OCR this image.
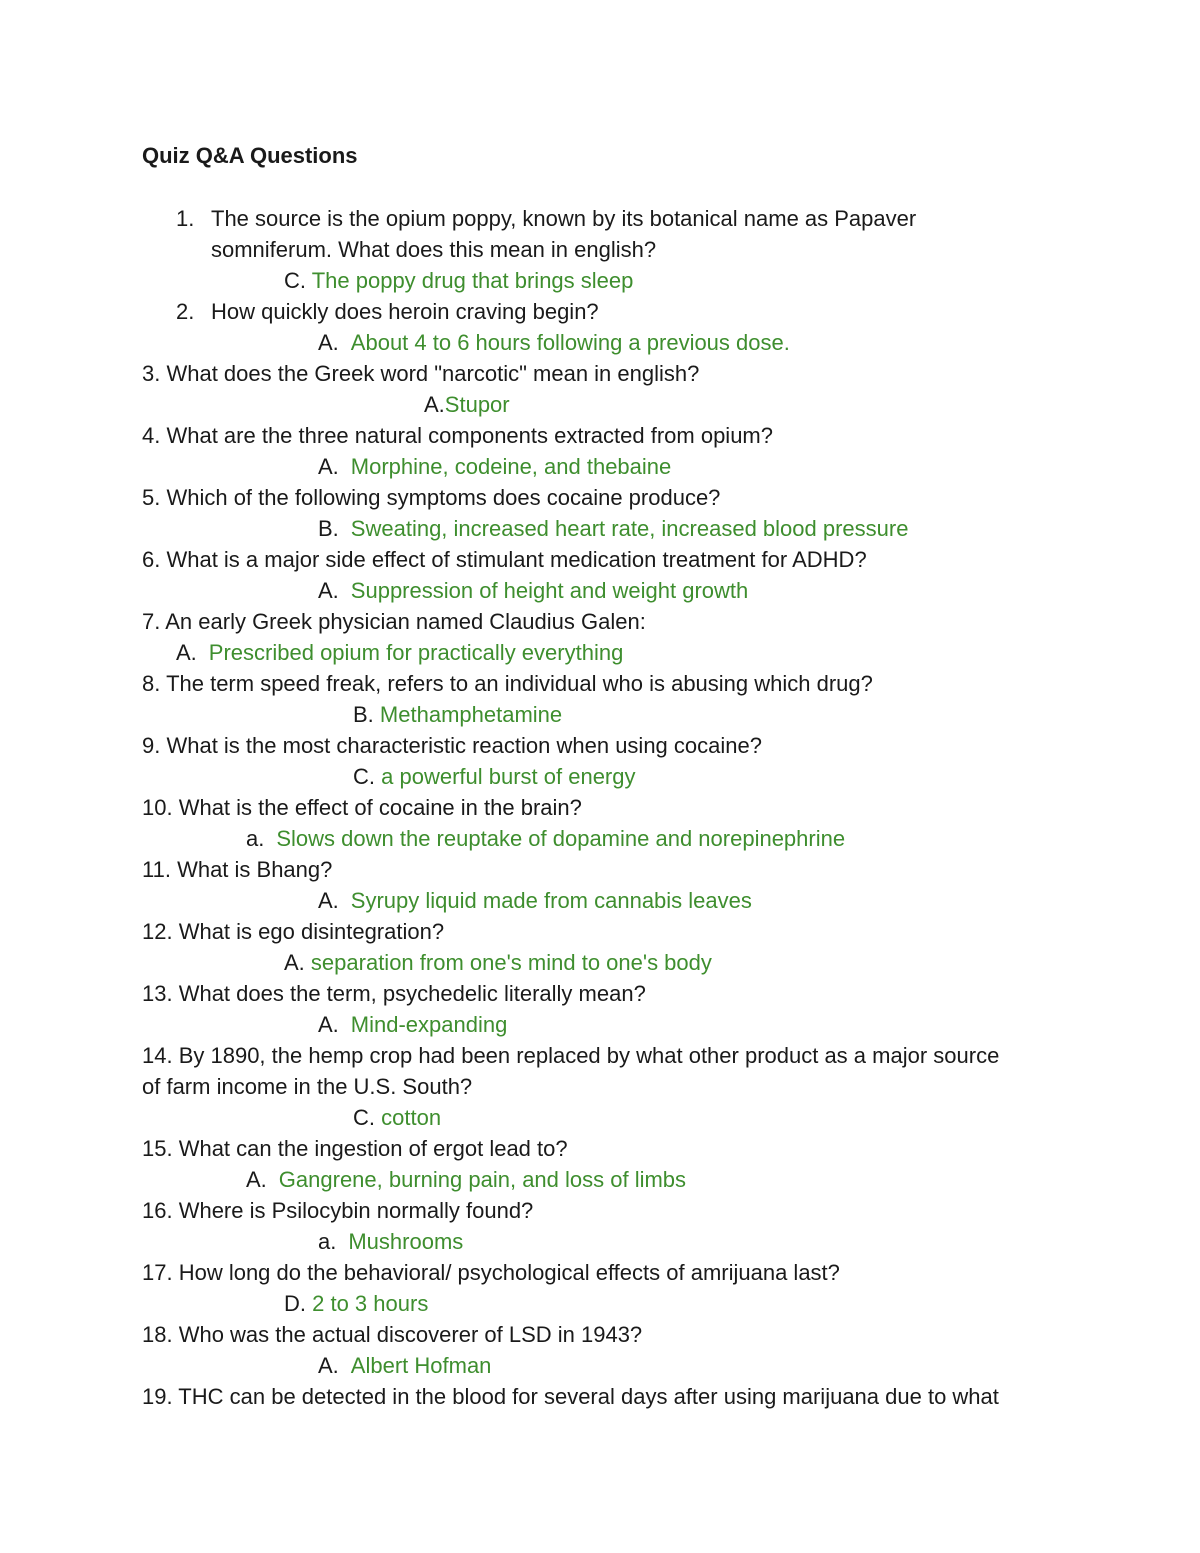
Quiz Q&A Questions
1. The source is the opium poppy, known by its botanical name as Papaver
somniferum. What does this mean in english?
C. The poppy drug that brings sleep
2. How quickly does heroin craving begin?
A. About 4 to 6 hours following a previous dose.
3. What does the Greek word "narcotic" mean in english?
A.Stupor
4. What are the three natural components extracted from opium?
A. Morphine, codeine, and thebaine
5. Which of the following symptoms does cocaine produce?
B. Sweating, increased heart rate, increased blood pressure
6. What is a major side effect of stimulant medication treatment for ADHD?
A. Suppression of height and weight growth
7. An early Greek physician named Claudius Galen:
A. Prescribed opium for practically everything
8. The term speed freak, refers to an individual who is abusing which drug?
B. Methamphetamine
9. What is the most characteristic reaction when using cocaine?
C. a powerful burst of energy
10. What is the effect of cocaine in the brain?
a. Slows down the reuptake of dopamine and norepinephrine
11. What is Bhang?
A. Syrupy liquid made from cannabis leaves
12. What is ego disintegration?
A. separation from one's mind to one's body
13. What does the term, psychedelic literally mean?
A. Mind-expanding
14. By 1890, the hemp crop had been replaced by what other product as a major source
of farm income in the U.S. South?
C. cotton
15. What can the ingestion of ergot lead to?
A. Gangrene, burning pain, and loss of limbs
16. Where is Psilocybin normally found?
a. Mushrooms
17. How long do the behavioral/ psychological effects of amrijuana last?
D. 2 to 3 hours
18. Who was the actual discoverer of LSD in 1943?
A. Albert Hofman
19. THC can be detected in the blood for several days after using marijuana due to what
